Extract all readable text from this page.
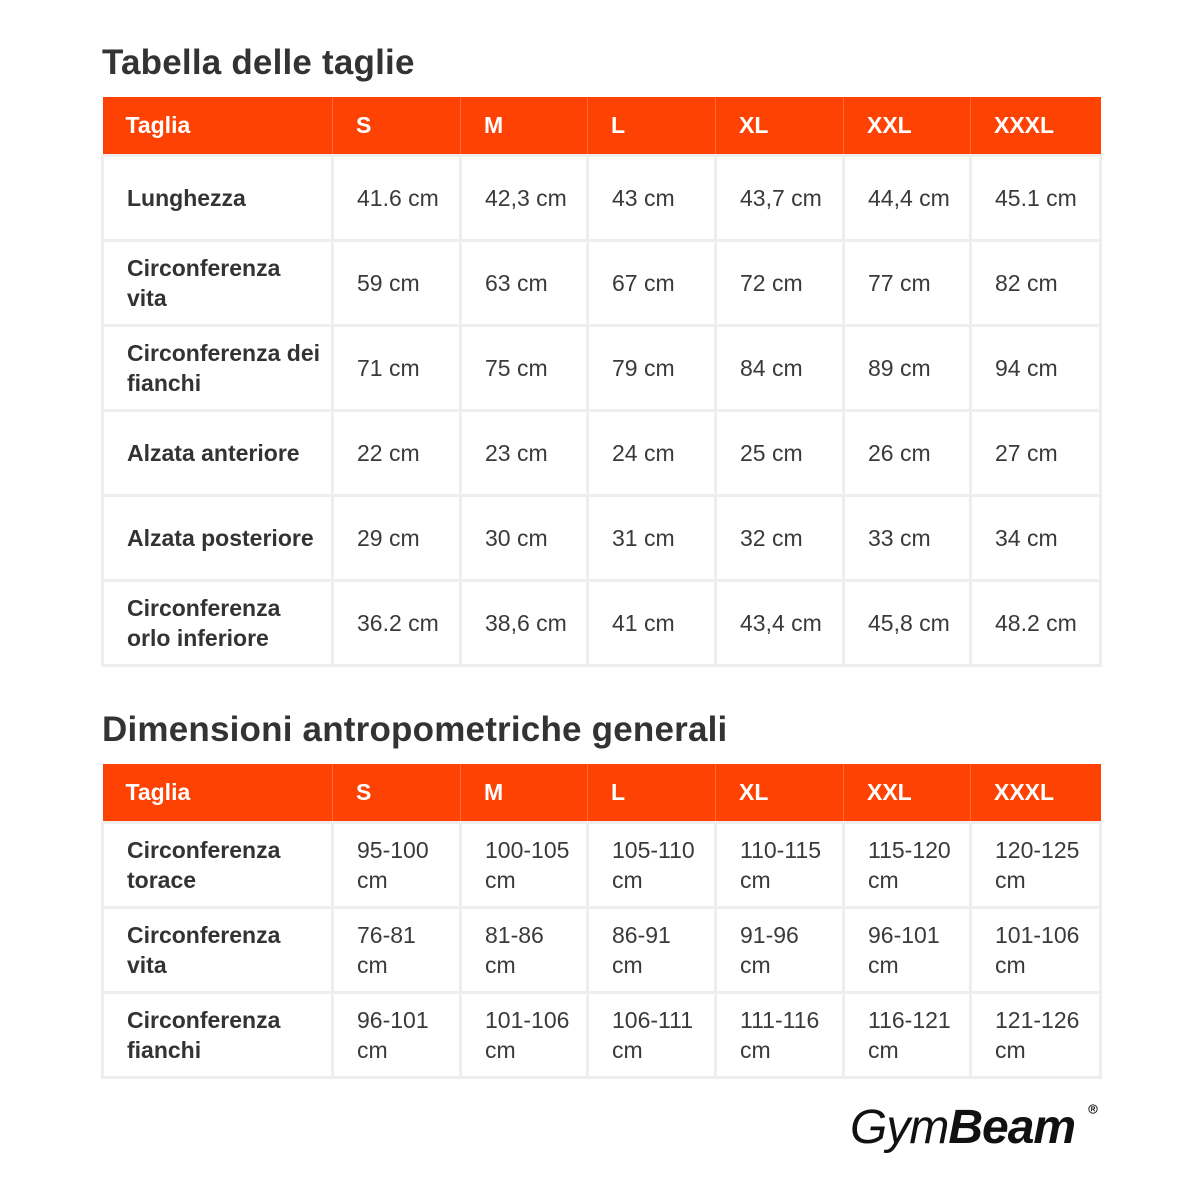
Tabella delle taglie
Taglia	S	M	L	XL	XXL	XXXL
Lunghezza	41.6 cm	42,3 cm	43 cm	43,7 cm	44,4 cm	45.1 cm
Circonferenza vita	59 cm	63 cm	67 cm	72 cm	77 cm	82 cm
Circonferenza dei fianchi	71 cm	75 cm	79 cm	84 cm	89 cm	94 cm
Alzata anteriore	22 cm	23 cm	24 cm	25 cm	26 cm	27 cm
Alzata posteriore	29 cm	30 cm	31 cm	32 cm	33 cm	34 cm
Circonferenza orlo inferiore	36.2 cm	38,6 cm	41 cm	43,4 cm	45,8 cm	48.2 cm
Dimensioni antropometriche generali
Taglia	S	M	L	XL	XXL	XXXL
Circonferenza torace	95-100 cm	100-105 cm	105-110 cm	110-115 cm	115-120 cm	120-125 cm
Circonferenza vita	76-81 cm	81-86 cm	86-91 cm	91-96 cm	96-101 cm	101-106 cm
Circonferenza fianchi	96-101 cm	101-106 cm	106-111 cm	111-116 cm	116-121 cm	121-126 cm
GymBeam
